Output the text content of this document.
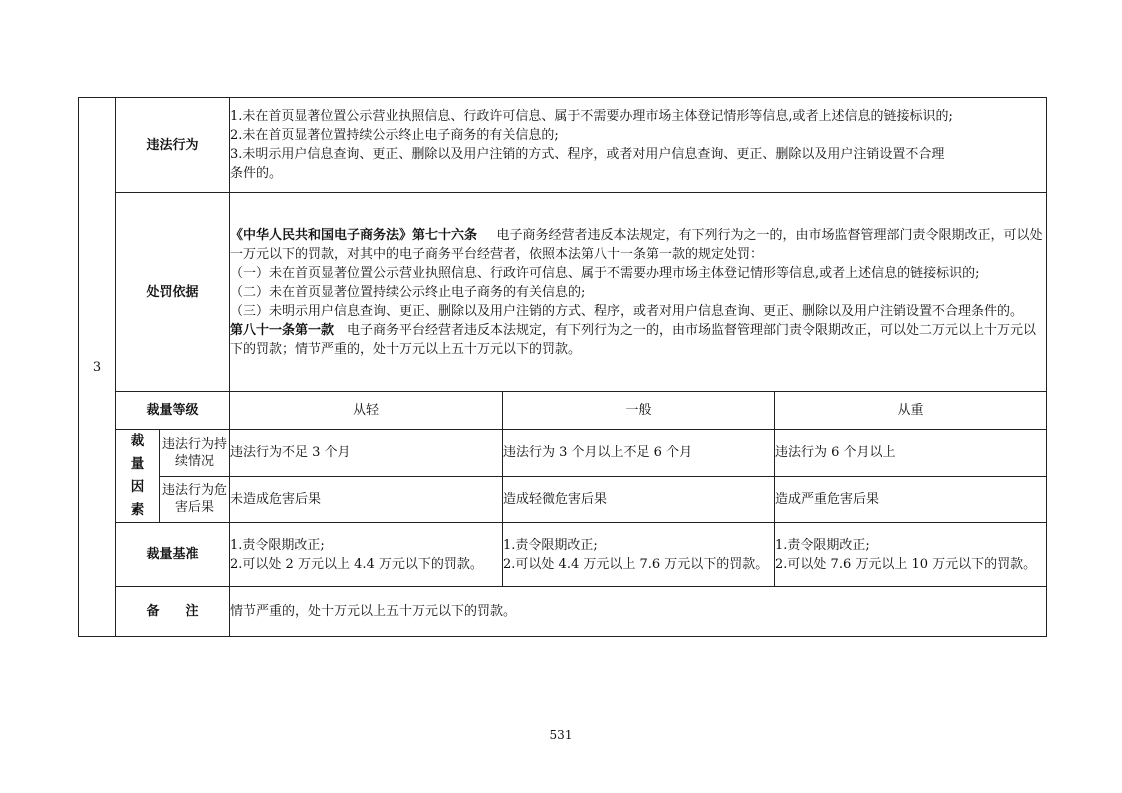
3	违法行为		1.未在首页显著位置公示营业执照信息、行政许可信息、属于不需要办理市场主体登记情形等信息,或者上述信息的链接标识的;
2.未在首页显著位置持续公示终止电子商务的有关信息的;
3.未明示用户信息查询、更正、删除以及用户注销的方式、程序，或者对用户信息查询、更正、删除以及用户注销设置不合理
条件的。		

	处罚依据		《中华人民共和国电子商务法》第七十六条   电子商务经营者违反本法规定，有下列行为之一的，由市场监督管理部门责令限期改正，可以处一万元以下的罚款，对其中的电子商务平台经营者，依照本法第八十一条第一款的规定处罚：
（一）未在首页显著位置公示营业执照信息、行政许可信息、属于不需要办理市场主体登记情形等信息,或者上述信息的链接标识的;
（二）未在首页显著位置持续公示终止电子商务的有关信息的;
（三）未明示用户信息查询、更正、删除以及用户注销的方式、程序，或者对用户信息查询、更正、删除以及用户注销设置不合理条件的。
第八十一条第一款  电子商务平台经营者违反本法规定，有下列行为之一的，由市场监督管理部门责令限期改正，可以处二万元以上十万元以下的罚款；情节严重的，处十万元以上五十万元以下的罚款。		

	裁量等级		从轻	一般	从重

	裁
量
因
素	违法行为持续情况	违法行为不足 3 个月	违法行为 3 个月以上不足 6 个月	违法行为 6 个月以上
		违法行为危害后果	未造成危害后果	造成轻微危害后果	造成严重危害后果
	裁量基准		1.责令限期改正;
2.可以处 2 万元以上 4.4 万元以下的罚款。	1.责令限期改正;
2.可以处 4.4 万元以上 7.6 万元以下的罚款。	1.责令限期改正;
2.可以处 7.6 万元以上 10 万元以下的罚款。

	备   注		情节严重的，处十万元以上五十万元以下的罚款。		
531
